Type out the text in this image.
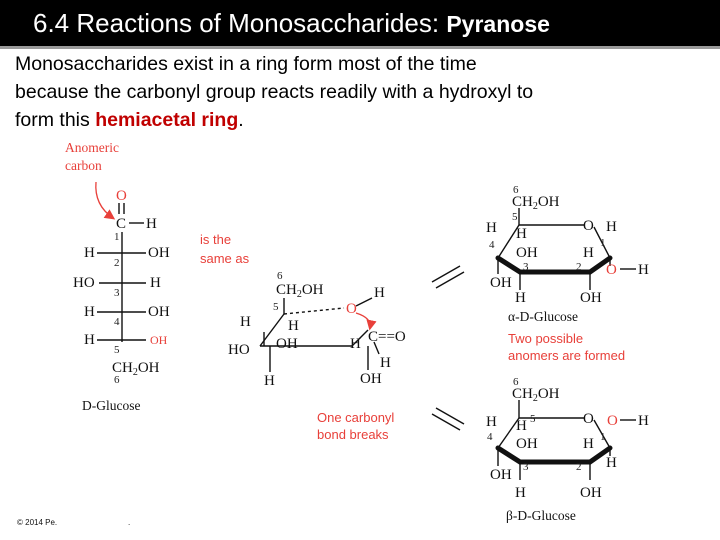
6.4 Reactions of Monosaccharides: Pyranose
Monosaccharides exist in a ring form most of the time
because the carbonyl group reacts readily with a hydroxyl to
form this hemiacetal ring.
Anomeric
carbon
O
C H
1
H	OH
2
HO	H
3
H	OH
4
H	OH
5
$CH_2OH$
6
D-Glucose
is the
same as
6
$CH_2OH$
5	O
H
C==O
H
H H
OH
HO	H
H	OH
Two possible
anomers are formed
One carbonyl
bond breaks
6
$CH_2OH$
5
O
4
3	2
H H
OH	H
H
1
OH
H	OH
O H
α-D-Glucose
6
$CH_2OH$
5	O
4
3	2
H H
OH	H 1
O H
H
OH
H	OH
β-D-Glucose
© 2014 Pe.	.
